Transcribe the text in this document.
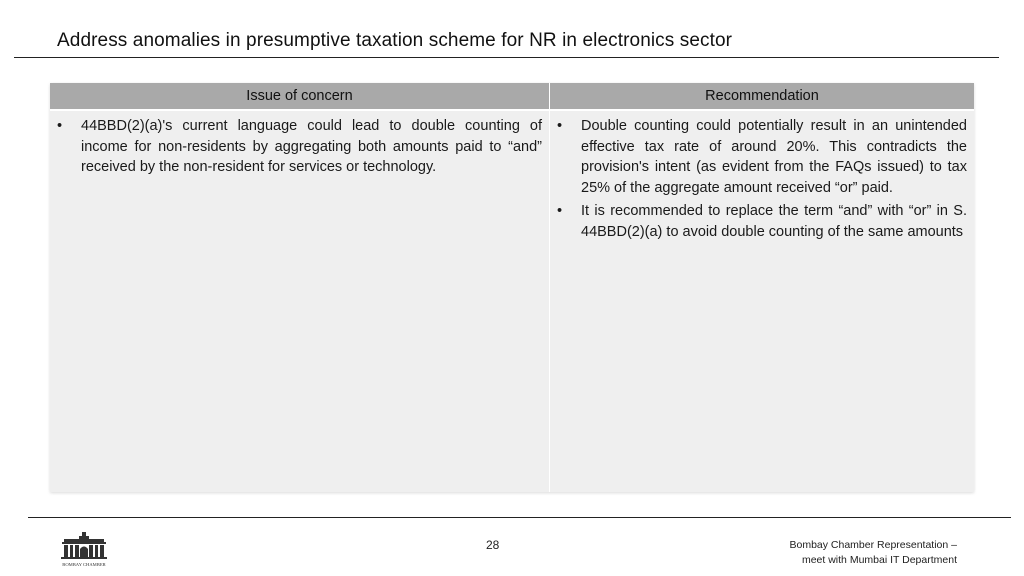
Address anomalies in presumptive taxation scheme for NR in electronics sector
Issue of concern
• 44BBD(2)(a)'s current language could lead to double counting of income for non-residents by aggregating both amounts paid to “and” received by the non-resident for services or technology.
Recommendation
• Double counting could potentially result in an unintended effective tax rate of around 20%. This contradicts the provision's intent (as evident from the FAQs issued) to tax 25% of the aggregate amount received “or” paid.
• It is recommended to replace the term “and” with “or” in S. 44BBD(2)(a) to avoid double counting of the same amounts
BOMBAY CHAMBER
28	Bombay Chamber Representation –
meet with Mumbai IT Department
